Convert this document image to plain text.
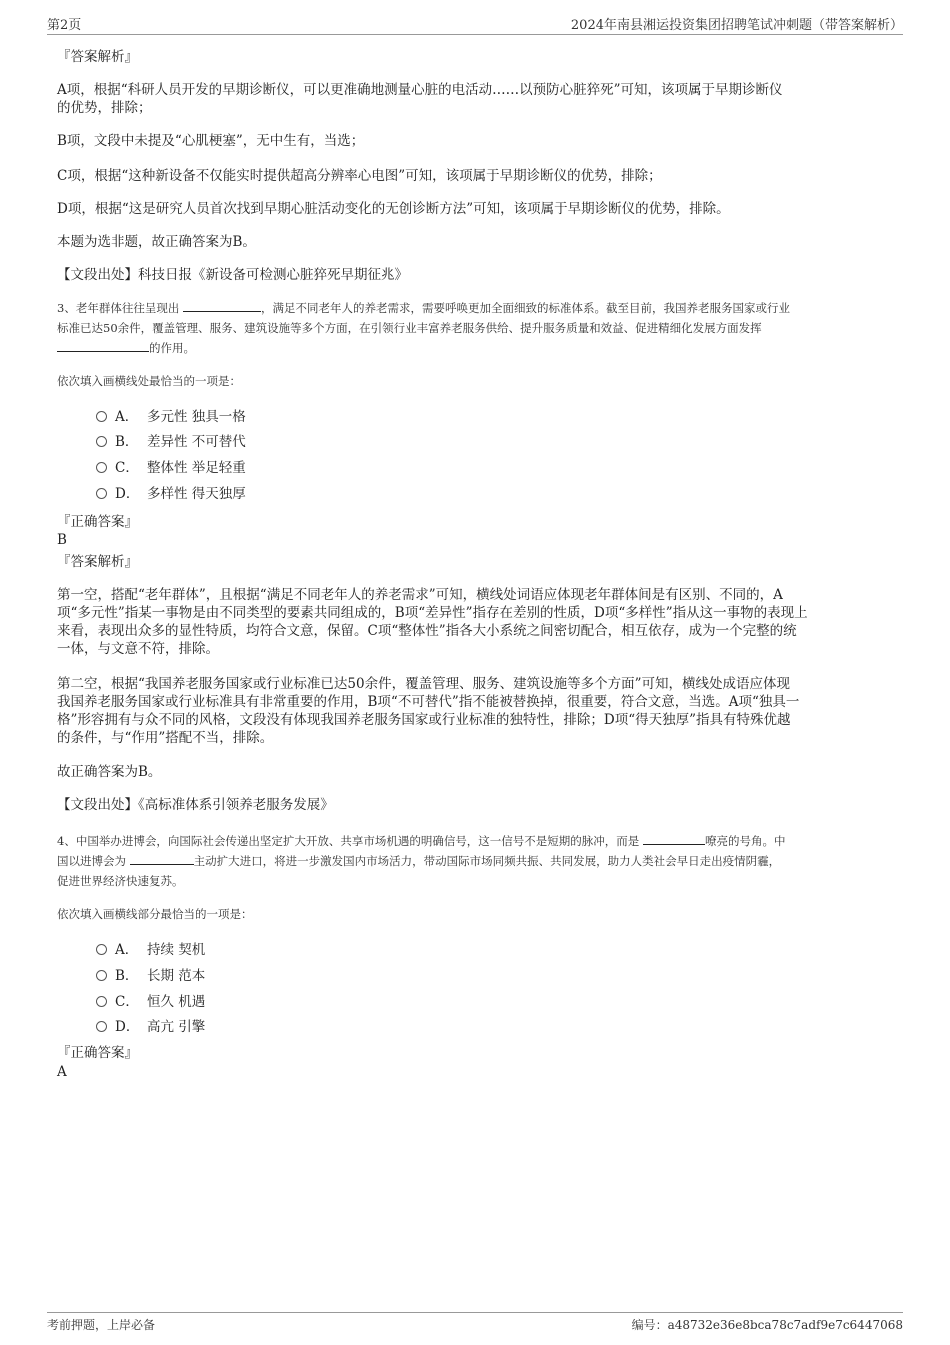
第2页	2024年南县湘运投资集团招聘笔试冲刺题（带答案解析）
『答案解析』
A项，根据“科研人员开发的早期诊断仪，可以更准确地测量心脏的电活动……以预防心脏猝死”可知，该项属于早期诊断仪
的优势，排除；
B项，文段中未提及“心肌梗塞”，无中生有，当选；
C项，根据“这种新设备不仅能实时提供超高分辨率心电图”可知，该项属于早期诊断仪的优势，排除；
D项，根据“这是研究人员首次找到早期心脏活动变化的无创诊断方法”可知，该项属于早期诊断仪的优势，排除。
本题为选非题，故正确答案为B。
【文段出处】科技日报《新设备可检测心脏猝死早期征兆》
3、老年群体往往呈现出	，满足不同老年人的养老需求，需要呼唤更加全面细致的标准体系。截至目前，我国养老服务国家或行业
标准已达50余件，覆盖管理、服务、建筑设施等多个方面，在引领行业丰富养老服务供给、提升服务质量和效益、促进精细化发展方面发挥
的作用。
依次填入画横线处最恰当的一项是：
A． 多元性 独具一格
B． 差异性 不可替代
C． 整体性 举足轻重
D． 多样性 得天独厚
『正确答案』
B
『答案解析』
第一空，搭配“老年群体”，且根据“满足不同老年人的养老需求”可知，横线处词语应体现老年群体间是有区别、不同的，A
项“多元性”指某一事物是由不同类型的要素共同组成的，B项“差异性”指存在差别的性质，D项“多样性”指从这一事物的表现上
来看，表现出众多的显性特质，均符合文意，保留。C项“整体性”指各大小系统之间密切配合，相互依存，成为一个完整的统
一体，与文意不符，排除。
第二空，根据“我国养老服务国家或行业标准已达50余件，覆盖管理、服务、建筑设施等多个方面”可知，横线处成语应体现
我国养老服务国家或行业标准具有非常重要的作用，B项“不可替代”指不能被替换掉，很重要，符合文意，当选。A项“独具一
格”形容拥有与众不同的风格，文段没有体现我国养老服务国家或行业标准的独特性，排除；D项“得天独厚”指具有特殊优越
的条件，与“作用”搭配不当，排除。
故正确答案为B。
【文段出处】《高标准体系引领养老服务发展》
4、中国举办进博会，向国际社会传递出坚定扩大开放、共享市场机遇的明确信号，这一信号不是短期的脉冲，而是	嘹亮的号角。中
国以进博会为	主动扩大进口，将进一步激发国内市场活力，带动国际市场同频共振、共同发展，助力人类社会早日走出疫情阴霾，
促进世界经济快速复苏。
依次填入画横线部分最恰当的一项是：
A． 持续 契机
B． 长期 范本
C． 恒久 机遇
D． 高亢 引擎
『正确答案』
A
考前押题，上岸必备	编号：a48732e36e8bca78c7adf9e7c6447068
